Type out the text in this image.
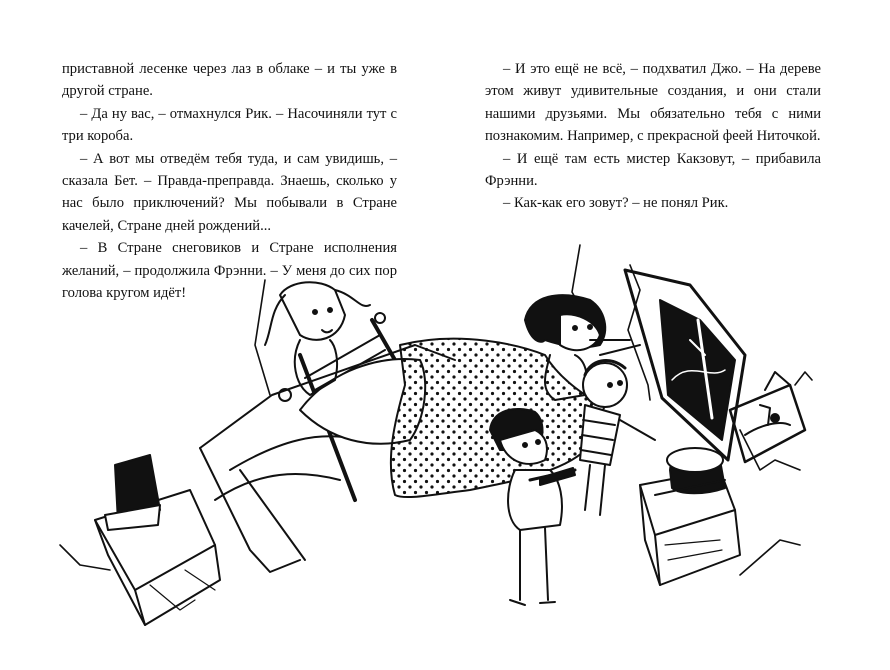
приставной лесенке через лаз в облаке – и ты уже в другой стране.

– Да ну вас, – отмахнулся Рик. – Насочиняли тут с три короба.

– А вот мы отведём тебя туда, и сам увидишь, – сказала Бет. – Правда-преправда. Знаешь, сколько у нас было приключений? Мы побывали в Стране качелей, Стране дней рождений...

– В Стране снеговиков и Стране исполнения желаний, – продолжила Фрэнни. – У меня до сих пор голова кругом идёт!

– И это ещё не всё, – подхватил Джо. – На дереве этом живут удивительные создания, и они стали нашими друзьями. Мы обязательно тебя с ними познакомим. Например, с прекрасной феей Ниточкой.

– И ещё там есть мистер Какзовут, – прибавила Фрэнни.

– Как-как его зовут? – не понял Рик.
